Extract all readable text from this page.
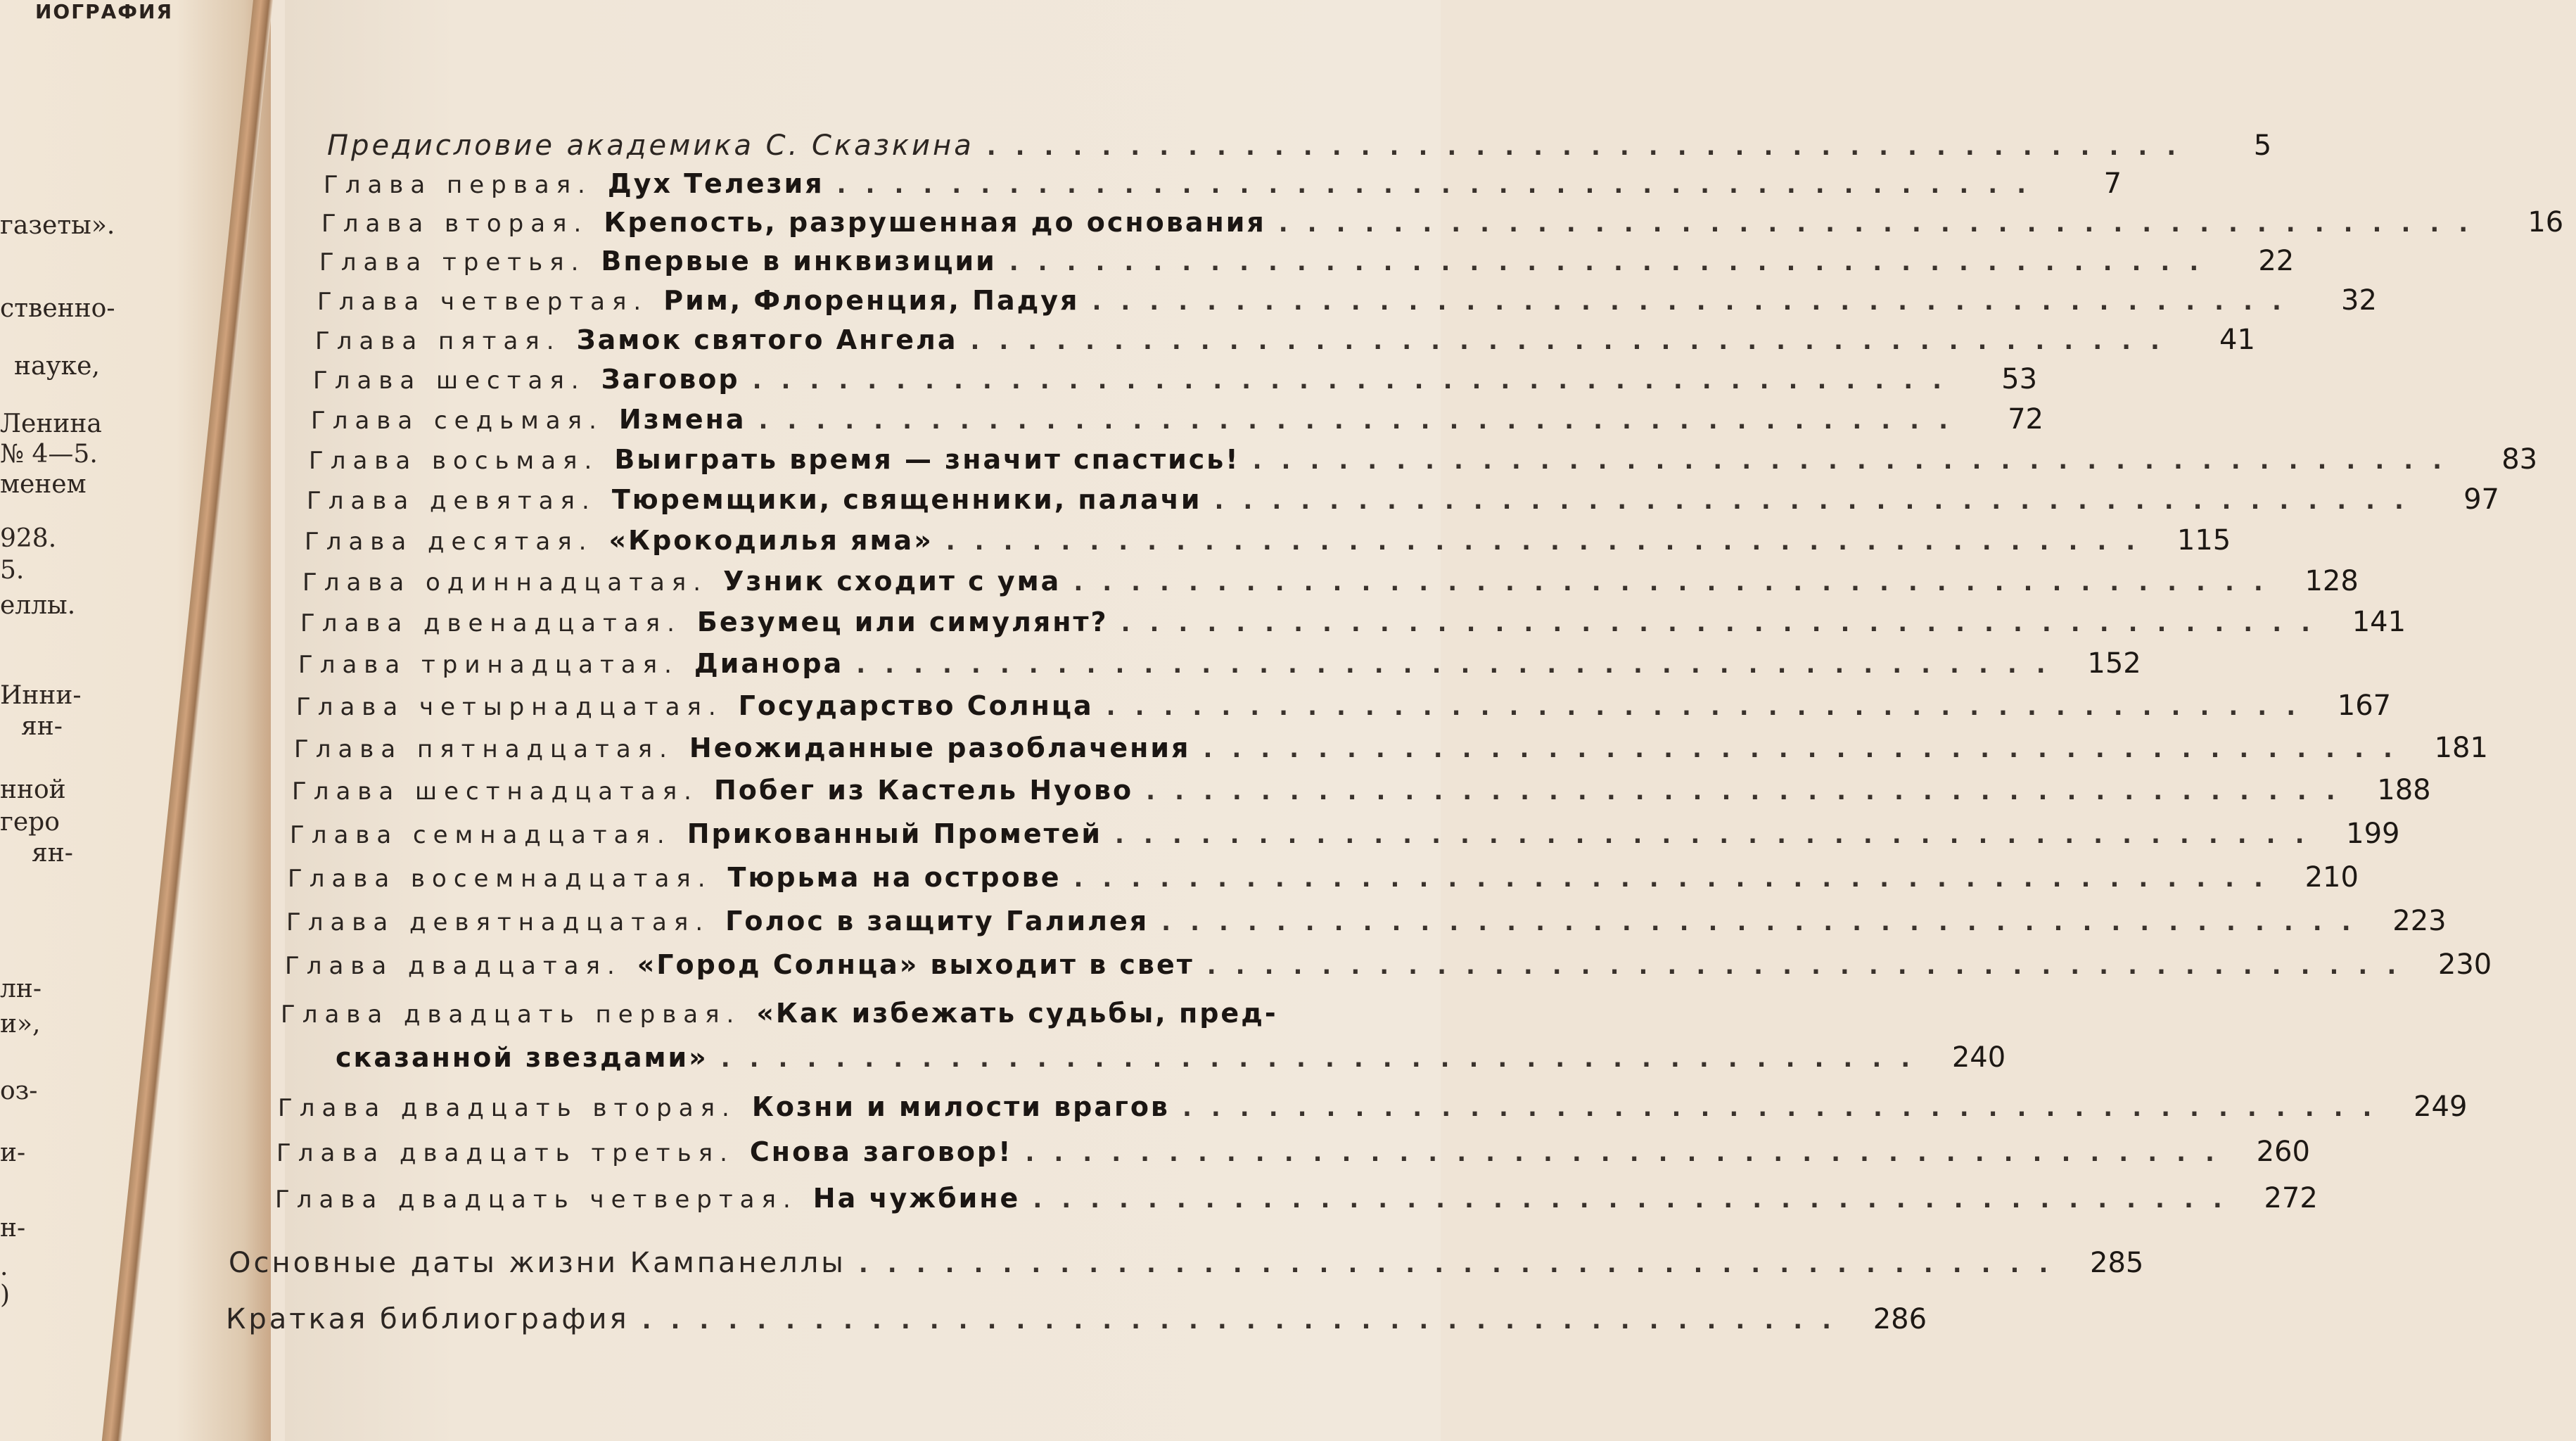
ИОГРАФИЯ
газеты».
ственно-
науке,
Ленина
№ 4—5.
менем
928.
5.
еллы.
Инни-
ян-
нной
геро
ян-
лн-
и»,
оз-
и-
н-
.
)
Предисловие академика С. Сказкина ..........................................	5
Глава первая. Дух Телезия ..........................................	7
Глава вторая. Крепость, разрушенная до основания ..........................................	16
Глава третья. Впервые в инквизиции ..........................................	22
Глава четвертая. Рим, Флоренция, Падуя ..........................................	32
Глава пятая. Замок святого Ангела ..........................................	41
Глава шестая. Заговор ..........................................	53
Глава седьмая. Измена ..........................................	72
Глава восьмая. Выиграть время — значит спастись! ..........................................	83
Глава девятая. Тюремщики, священники, палачи ..........................................	97
Глава десятая. «Крокодилья яма» .......................................... 115
Глава одиннадцатая. Узник сходит с ума .......................................... 128
Глава двенадцатая. Безумец или симулянт? .......................................... 141
Глава тринадцатая. Дианора .......................................... 152
Глава четырнадцатая. Государство Солнца .......................................... 167
Глава пятнадцатая. Неожиданные разоблачения .......................................... 181
Глава шестнадцатая. Побег из Кастель Нуово .......................................... 188
Глава семнадцатая. Прикованный Прометей .......................................... 199
Глава восемнадцатая. Тюрьма на острове .......................................... 210
Глава девятнадцатая. Голос в защиту Галилея .......................................... 223
Глава двадцатая. «Город Солнца» выходит в свет .......................................... 230
Глава двадцать первая. «Как избежать судьбы, пред-
сказанной звездами» .......................................... 240
Глава двадцать вторая. Козни и милости врагов .......................................... 249
Глава двадцать третья. Снова заговор! .......................................... 260
Глава двадцать четвертая. На чужбине .......................................... 272
Основные даты жизни Кампанеллы .......................................... 285
Краткая библиография .......................................... 286
